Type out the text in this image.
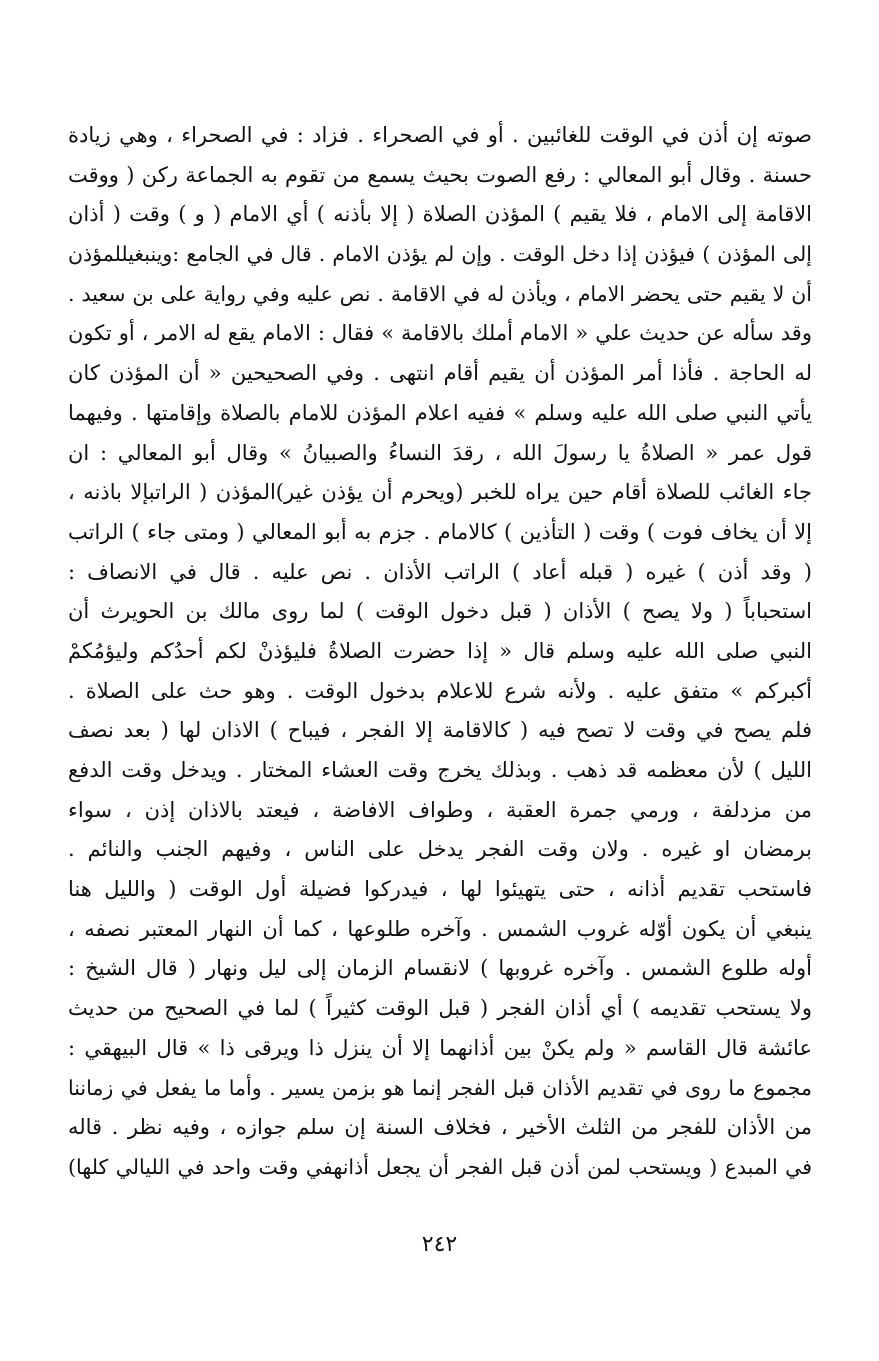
صوته إن أذن في الوقت للغائبين . أو في الصحراء . فزاد : في الصحراء ، وهي زيادة
حسنة . وقال أبو المعالي : رفع الصوت بحيث يسمع من تقوم به الجماعة ركن ( ووقت
الاقامة إلى الامام ، فلا يقيم ) المؤذن الصلاة ( إلا بأذنه ) أي الامام ( و ) وقت ( أذان
إلى المؤذن ) فيؤذن إذا دخل الوقت . وإن لم يؤذن الامام . قال في الجامع :وينبغيللمؤذن
أن لا يقيم حتى يحضر الامام ، ويأذن له في الاقامة . نص عليه وفي رواية على بن سعيد .
وقد سأله عن حديث علي « الامام أملك بالاقامة » فقال : الامام يقع له الامر ، أو تكون
له الحاجة . فأذا أمر المؤذن أن يقيم أقام انتهى . وفي الصحيحين « أن المؤذن كان
يأتي النبي صلى الله عليه وسلم » ففيه اعلام المؤذن للامام بالصلاة وإقامتها . وفيهما
قول عمر « الصلاةُ يا رسولَ الله ، رقدَ النساءُ والصبيانُ » وقال أبو المعالي : ان
جاء الغائب للصلاة أقام حين يراه للخبر (ويحرم أن يؤذن غير)المؤذن ( الراتبإلا باذنه ،
إلا أن يخاف فوت ) وقت ( التأذين ) كالامام . جزم به أبو المعالي ( ومتى جاء ) الراتب
( وقد أذن ) غيره ( قبله أعاد ) الراتب الأذان . نص عليه . قال في الانصاف :
استحباباً ( ولا يصح ) الأذان ( قبل دخول الوقت ) لما روى مالك بن الحويرث أن
النبي صلى الله عليه وسلم قال « إذا حضرت الصلاةُ فليؤذنْ لكم أحدُكم وليؤمُكمْ
أكبركم » متفق عليه . ولأنه شرع للاعلام بدخول الوقت . وهو حث على الصلاة .
فلم يصح في وقت لا تصح فيه ( كالاقامة إلا الفجر ، فيباح ) الاذان لها ( بعد نصف
الليل ) لأن معظمه قد ذهب . وبذلك يخرج وقت العشاء المختار . ويدخل وقت الدفع
من مزدلفة ، ورمي جمرة العقبة ، وطواف الافاضة ، فيعتد بالاذان إذن ، سواء
برمضان او غيره . ولان وقت الفجر يدخل على الناس ، وفيهم الجنب والنائم .
فاستحب تقديم أذانه ، حتى يتهيئوا لها ، فيدركوا فضيلة أول الوقت ( والليل هنا
ينبغي أن يكون أوّله غروب الشمس . وآخره طلوعها ، كما أن النهار المعتبر نصفه ،
أوله طلوع الشمس . وآخره غروبها ) لانقسام الزمان إلى ليل ونهار ( قال الشيخ :
ولا يستحب تقديمه ) أي أذان الفجر ( قبل الوقت كثيراً ) لما في الصحيح من حديث
عائشة قال القاسم « ولم يكنْ بين أذانهما إلا أن ينزل ذا ويرقى ذا » قال البيهقي :
مجموع ما روى في تقديم الأذان قبل الفجر إنما هو بزمن يسير . وأما ما يفعل في زماننا
من الأذان للفجر من الثلث الأخير ، فخلاف السنة إن سلم جوازه ، وفيه نظر . قاله
في المبدع ( ويستحب لمن أذن قبل الفجر أن يجعل أذانهفي وقت واحد في الليالي كلها)
٢٤٢
